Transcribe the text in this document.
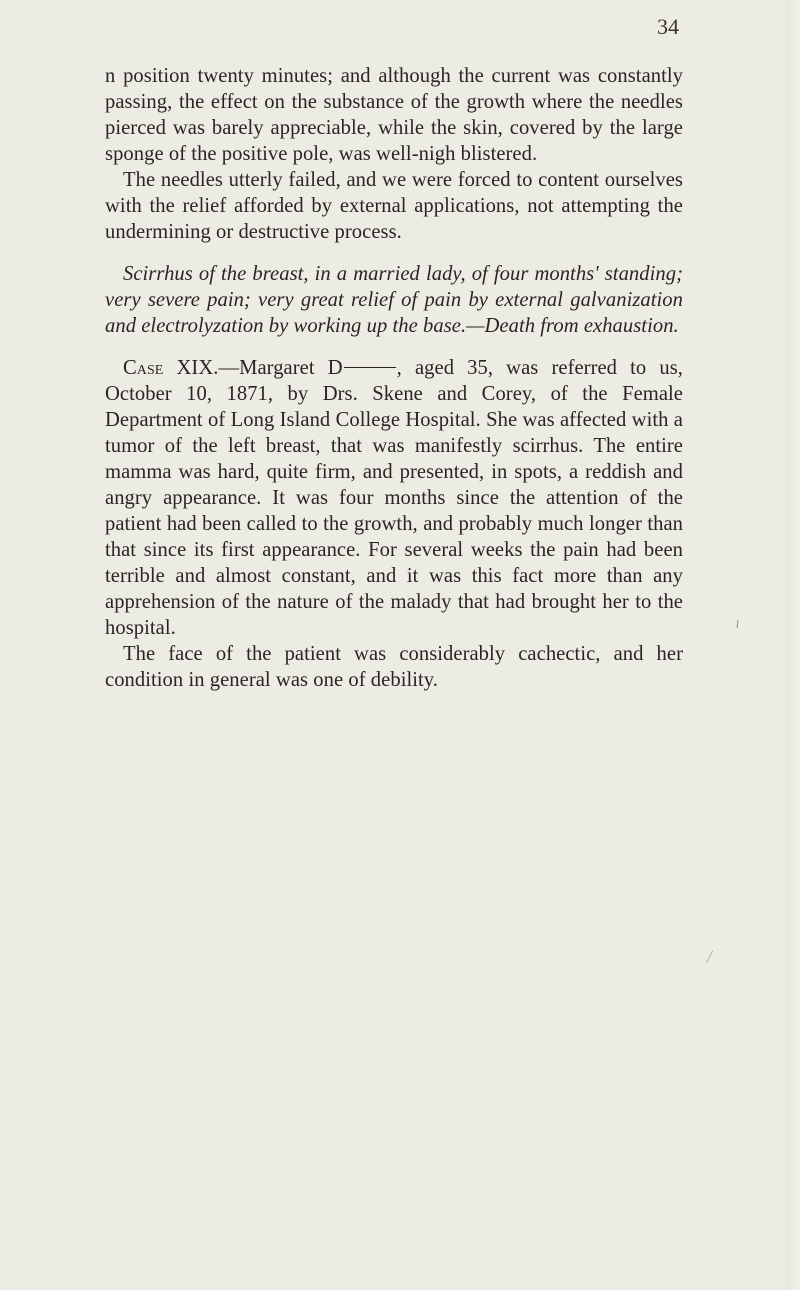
34

n position twenty minutes; and although the current was constantly passing, the effect on the substance of the growth where the needles pierced was barely appreciable, while the skin, covered by the large sponge of the positive pole, was well-nigh blistered.

The needles utterly failed, and we were forced to content ourselves with the relief afforded by external applications, not attempting the undermining or destructive process.

Scirrhus of the breast, in a married lady, of four months' standing; very severe pain; very great relief of pain by external galvanization and electrolyzation by working up the base.—Death from exhaustion.

Case XIX.—Margaret D	, aged 35, was referred to us, October 10, 1871, by Drs. Skene and Corey, of the Female Department of Long Island College Hospital. She was affected with a tumor of the left breast, that was manifestly scirrhus. The entire mamma was hard, quite firm, and presented, in spots, a reddish and angry appearance. It was four months since the attention of the patient had been called to the growth, and probably much longer than that since its first appearance. For several weeks the pain had been terrible and almost constant, and it was this fact more than any apprehension of the nature of the malady that had brought her to the hospital.

The face of the patient was considerably cachectic, and her condition in general was one of debility.
